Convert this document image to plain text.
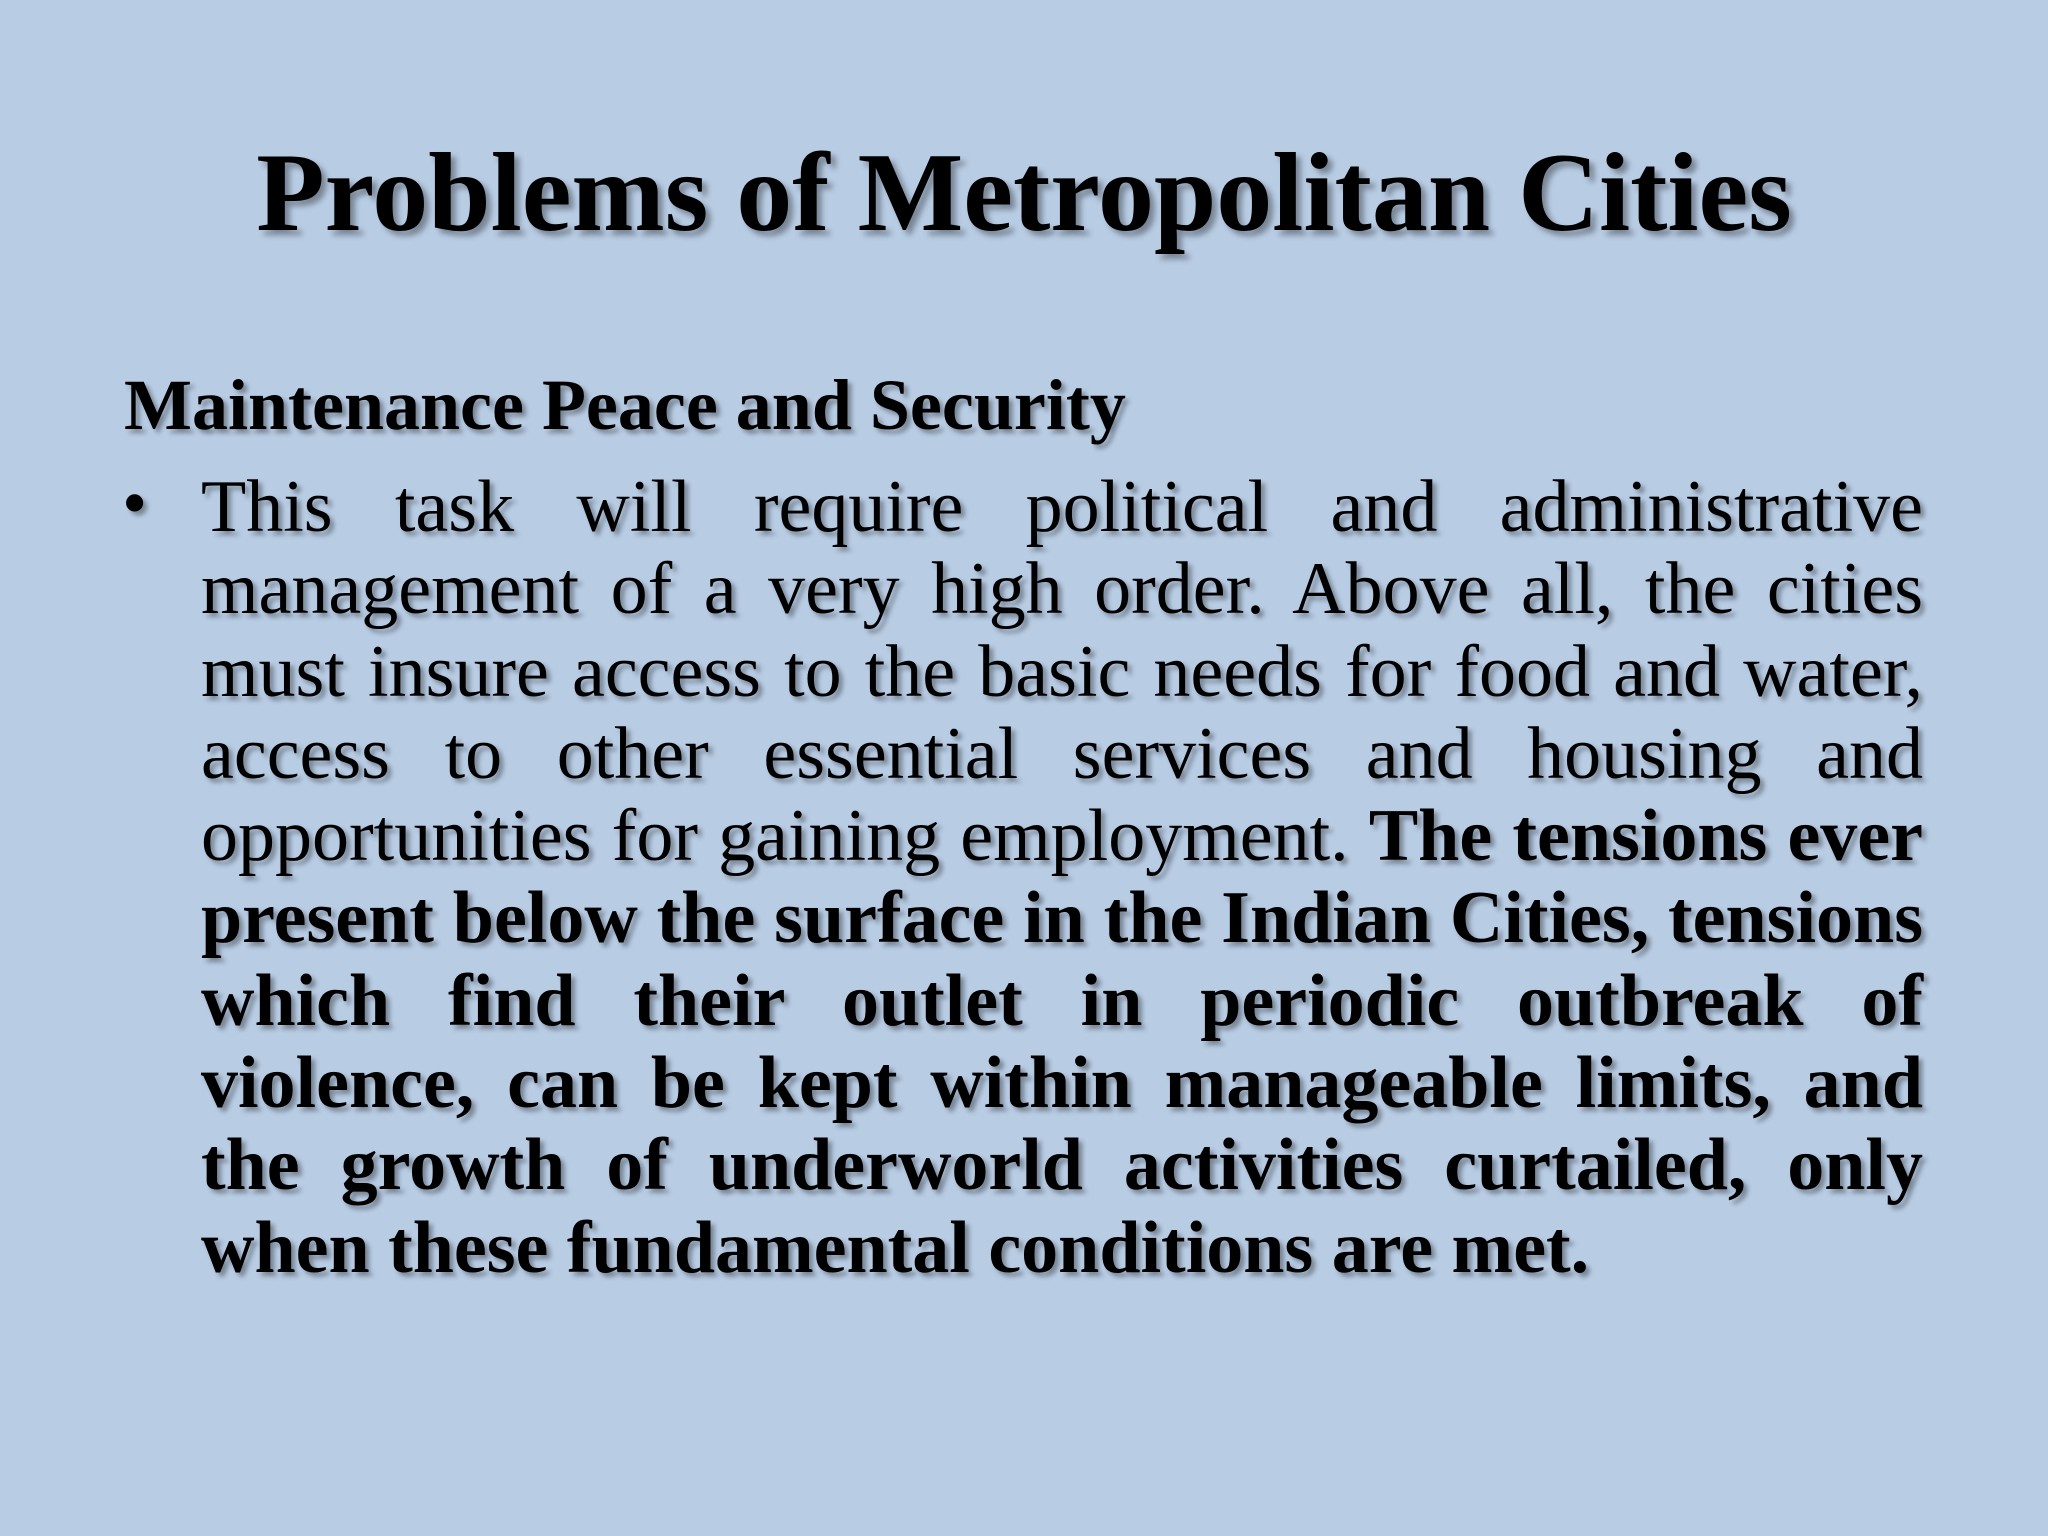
Problems of Metropolitan Cities
Maintenance Peace and Security
• This task will require political and administrative management of a very high order. Above all, the cities must insure access to the basic needs for food and water, access to other essential services and housing and opportunities for gaining employment. The tensions ever present below the surface in the Indian Cities, tensions which find their outlet in periodic outbreak of violence, can be kept within manageable limits, and the growth of underworld activities curtailed, only when these fundamental conditions are met.
